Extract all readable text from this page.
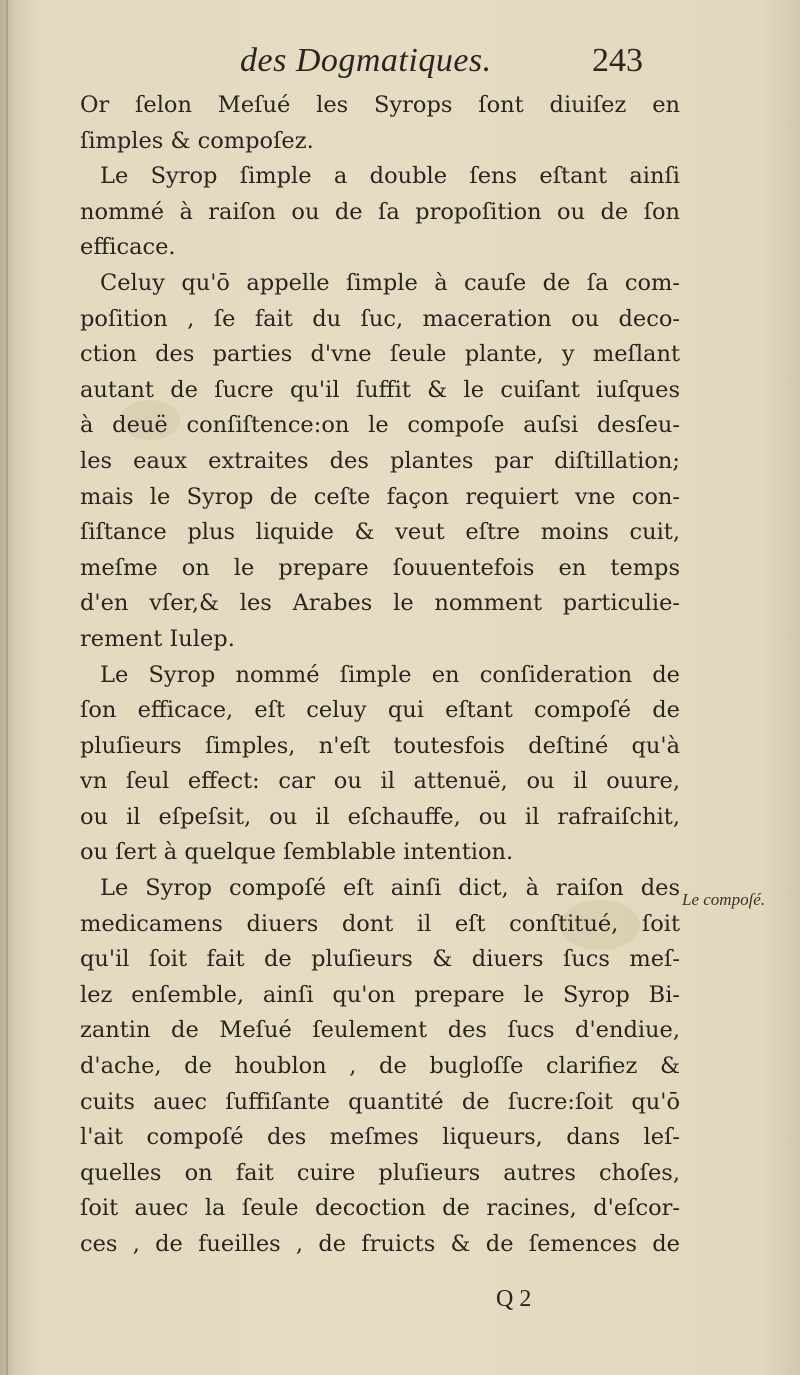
des Dogmatiques.	243
Or ſelon Meſué les Syrops ſont diuiſez en
ſimples & compoſez.
Le Syrop ſimple a double ſens eſtant ainſi
nommé à raiſon ou de ſa propoſition ou de ſon
efficace.
Celuy qu'ō appelle ſimple à cauſe de ſa com-
poſition , ſe fait du ſuc, maceration ou deco-
ction des parties d'vne ſeule plante, y meſlant
autant de ſucre qu'il ſuffit & le cuiſant iuſques
à deuë conſiſtence:on le compoſe auſsi desſeu-
les eaux extraites des plantes par diſtillation;
mais le Syrop de ceſte façon requiert vne con-
ſiſtance plus liquide & veut eſtre moins cuit,
meſme on le prepare ſouuentefois en temps
d'en vſer,& les Arabes le nomment particulie-
rement Iulep.
Le Syrop nommé ſimple en conſideration de
ſon efficace, eſt celuy qui eſtant compoſé de
pluſieurs ſimples, n'eſt toutesfois deſtiné qu'à
vn ſeul effect: car ou il attenuë, ou il ouure,
ou il eſpeſsit, ou il eſchauffe, ou il rafraiſchit,
ou ſert à quelque ſemblable intention.
Le Syrop compoſé eſt ainſi dict, à raiſon des
medicamens diuers dont il eſt conſtitué, ſoit
qu'il ſoit fait de pluſieurs & diuers ſucs meſ-
lez enſemble, ainſi qu'on prepare le Syrop Bi-
zantin de Meſué ſeulement des ſucs d'endiue,
d'ache, de houblon , de bugloſſe clarifiez &
cuits auec ſuffiſante quantité de ſucre:ſoit qu'ō
l'ait compoſé des meſmes liqueurs, dans leſ-
quelles on fait cuire pluſieurs autres choſes,
ſoit auec la ſeule decoction de racines, d'eſcor-
ces , de fueilles , de fruicts & de ſemences de
Le compoſé.
Q 2
